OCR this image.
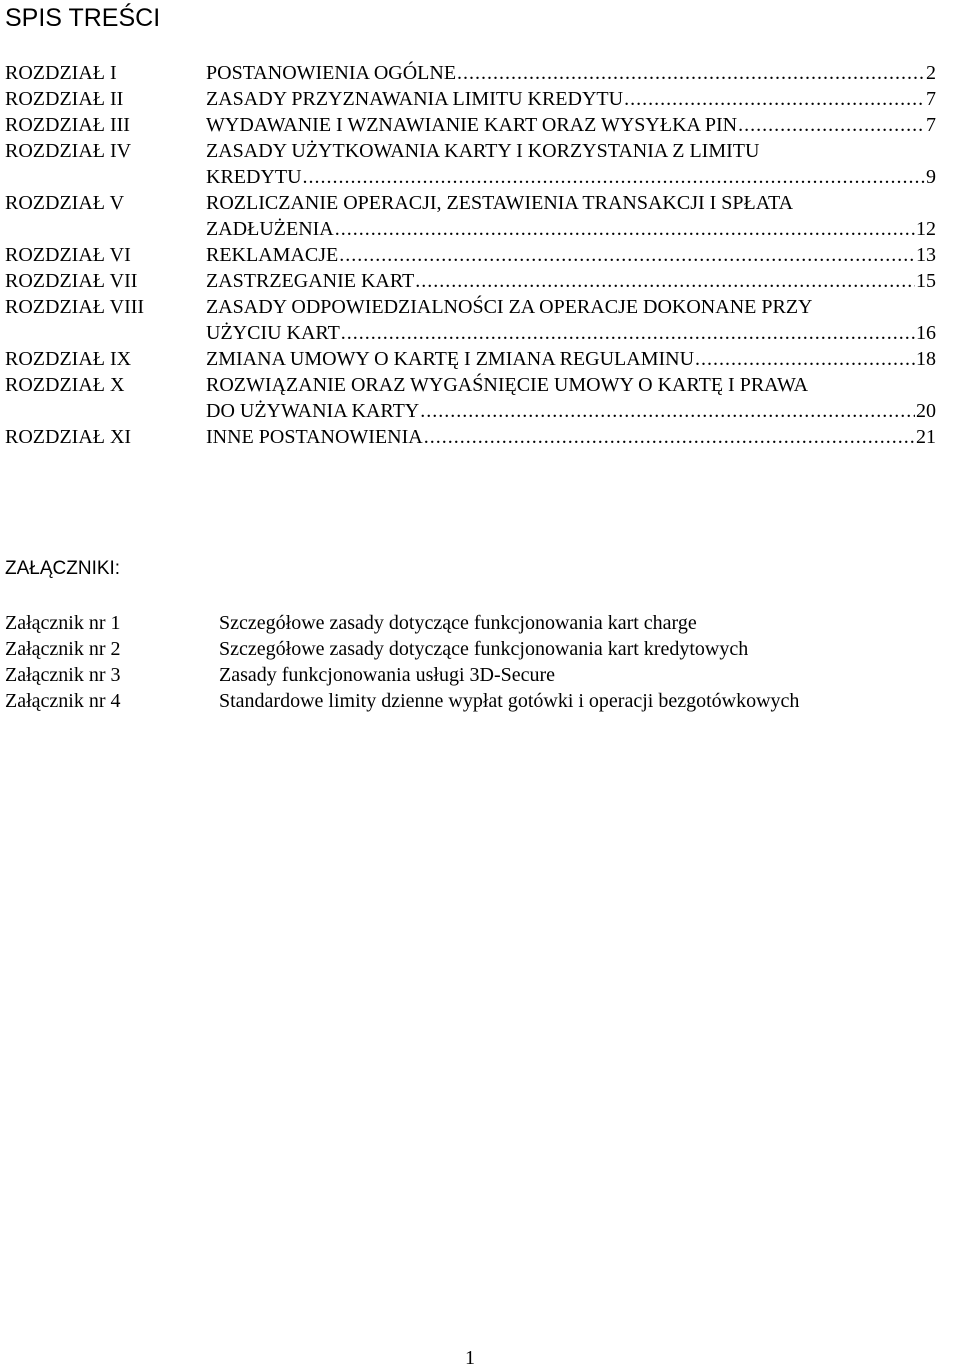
SPIS TREŚCI
ROZDZIAŁ I	POSTANOWIENIA OGÓLNE .....	2
ROZDZIAŁ II	ZASADY PRZYZNAWANIA LIMITU KREDYTU .....	7
ROZDZIAŁ III	WYDAWANIE I WZNAWIANIE KART ORAZ WYSYŁKA PIN .....	7
ROZDZIAŁ IV	ZASADY UŻYTKOWANIA KARTY I KORZYSTANIA Z LIMITU
KREDYTU .....	9
ROZDZIAŁ V	ROZLICZANIE OPERACJI, ZESTAWIENIA TRANSAKCJI I SPŁATA
ZADŁUŻENIA .....	12
ROZDZIAŁ VI	REKLAMACJE .....	13
ROZDZIAŁ VII	ZASTRZEGANIE KART .....	15
ROZDZIAŁ VIII	ZASADY ODPOWIEDZIALNOŚCI ZA OPERACJE DOKONANE PRZY
UŻYCIU KART .....	16
ROZDZIAŁ IX	ZMIANA UMOWY O KARTĘ I ZMIANA REGULAMINU .....	18
ROZDZIAŁ X	ROZWIĄZANIE ORAZ WYGAŚNIĘCIE UMOWY O KARTĘ I PRAWA
DO UŻYWANIA KARTY .....	20
ROZDZIAŁ XI	INNE POSTANOWIENIA .....	21
ZAŁĄCZNIKI:
Załącznik nr 1	Szczegółowe zasady dotyczące funkcjonowania kart charge
Załącznik nr 2	Szczegółowe zasady dotyczące funkcjonowania kart kredytowych
Załącznik nr 3	Zasady funkcjonowania usługi 3D-Secure
Załącznik nr 4	Standardowe limity dzienne wypłat gotówki i operacji bezgotówkowych
1
